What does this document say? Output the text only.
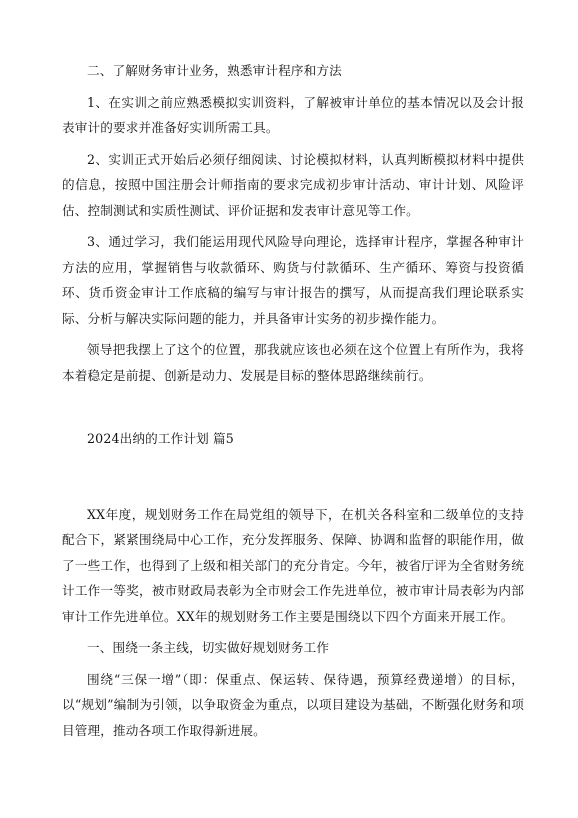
二、了解财务审计业务，熟悉审计程序和方法

1、在实训之前应熟悉模拟实训资料，了解被审计单位的基本情况以及会计报表审计的要求并准备好实训所需工具。

2、实训正式开始后必须仔细阅读、讨论模拟材料，认真判断模拟材料中提供的信息，按照中国注册会计师指南的要求完成初步审计活动、审计计划、风险评估、控制测试和实质性测试、评价证据和发表审计意见等工作。

3、通过学习，我们能运用现代风险导向理论，选择审计程序，掌握各种审计方法的应用，掌握销售与收款循环、购货与付款循环、生产循环、筹资与投资循环、货币资金审计工作底稿的编写与审计报告的撰写，从而提高我们理论联系实际、分析与解决实际问题的能力，并具备审计实务的初步操作能力。

领导把我摆上了这个的位置，那我就应该也必须在这个位置上有所作为，我将本着稳定是前提、创新是动力、发展是目标的整体思路继续前行。

2024出纳的工作计划 篇5

XX年度，规划财务工作在局党组的领导下，在机关各科室和二级单位的支持配合下，紧紧围绕局中心工作，充分发挥服务、保障、协调和监督的职能作用，做了一些工作，也得到了上级和相关部门的充分肯定。今年，被省厅评为全省财务统计工作一等奖，被市财政局表彰为全市财会工作先进单位，被市审计局表彰为内部审计工作先进单位。XX年的规划财务工作主要是围绕以下四个方面来开展工作。

一、围绕一条主线，切实做好规划财务工作

围绕“三保一增”（即：保重点、保运转、保待遇，预算经费递增）的目标，以“规划”编制为引领，以争取资金为重点，以项目建设为基础，不断强化财务和项目管理，推动各项工作取得新进展。
